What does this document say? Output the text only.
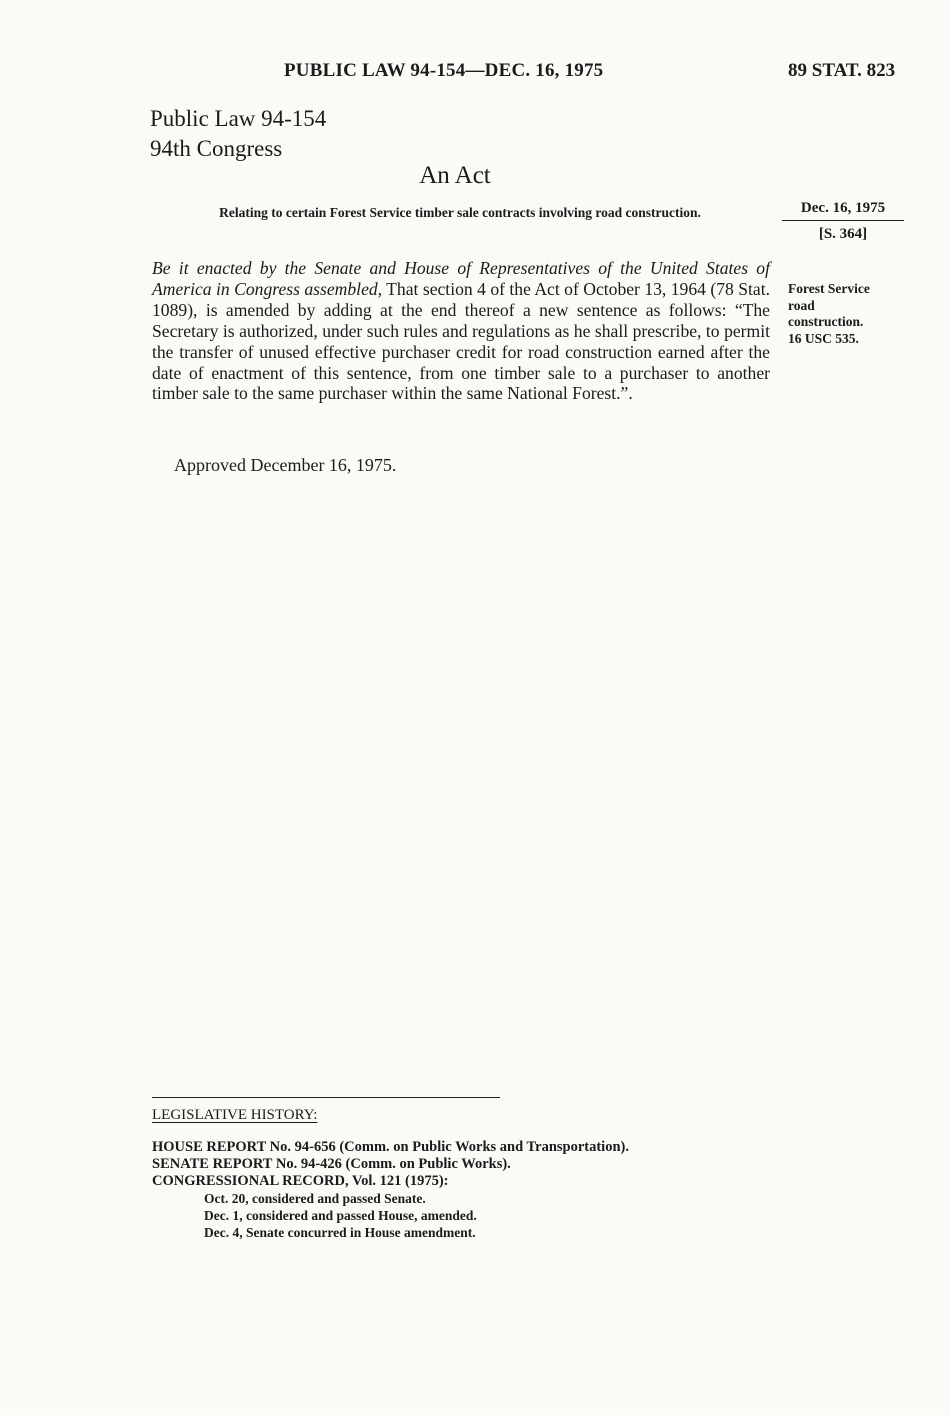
PUBLIC LAW 94-154—DEC. 16, 1975	89 STAT. 823
Public Law 94-154
94th Congress
An Act
Relating to certain Forest Service timber sale contracts involving road construction.	Dec. 16, 1975
[S. 364]
Be it enacted by the Senate and House of Representatives of the United States of America in Congress assembled, That section 4 of the Act of October 13, 1964 (78 Stat. 1089), is amended by adding at the end thereof a new sentence as follows: “The Secretary is authorized, under such rules and regulations as he shall prescribe, to permit the transfer of unused effective purchaser credit for road construction earned after the date of enactment of this sentence, from one timber sale to a purchaser to another timber sale to the same purchaser within the same National Forest.”.
Forest Service
road
construction.
16 USC 535.
Approved December 16, 1975.
LEGISLATIVE HISTORY:
HOUSE REPORT No. 94-656 (Comm. on Public Works and Transportation).
SENATE REPORT No. 94-426 (Comm. on Public Works).
CONGRESSIONAL RECORD, Vol. 121 (1975):
Oct. 20, considered and passed Senate.
Dec. 1, considered and passed House, amended.
Dec. 4, Senate concurred in House amendment.
